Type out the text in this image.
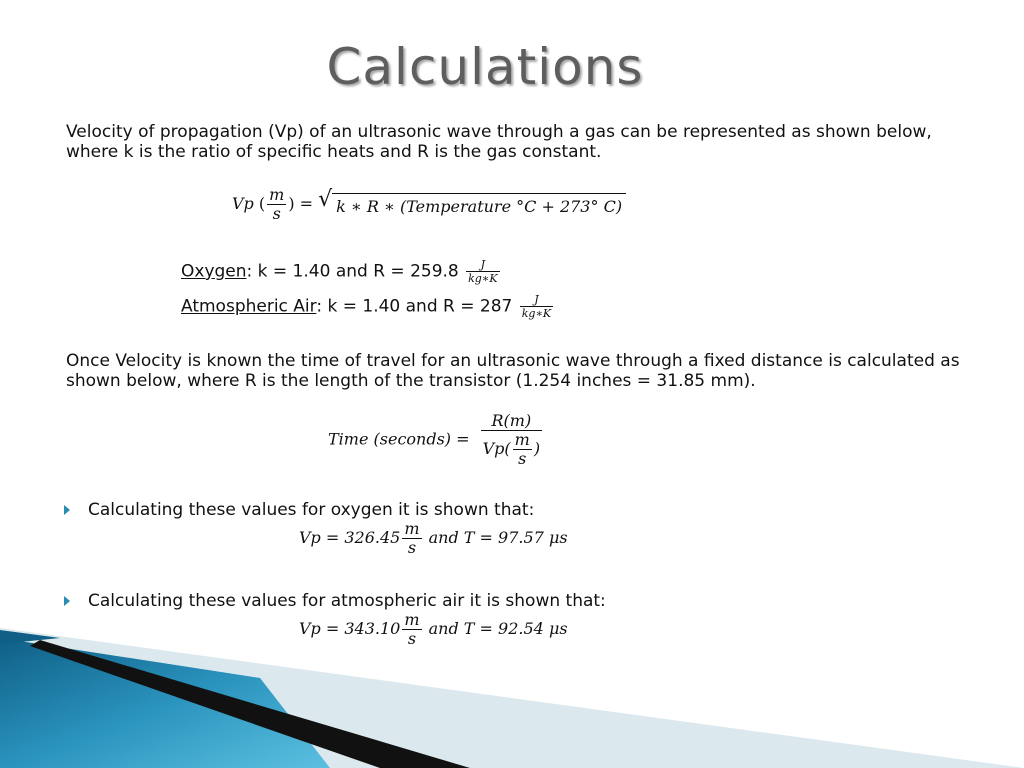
Calculations
Velocity of propagation (Vp) of an ultrasonic wave through a gas can be represented as shown below, where k is the ratio of specific heats and R is the gas constant.
Vp ( $\frac{m}{s}$ ) = √ k ∗ R ∗ (Temperature °C + 273° C)
Oxygen: k = 1.40 and $R = 259.8 \frac{J}{kg∗K}$
Atmospheric Air: k = 1.40 and $R = 287 \frac{J}{kg∗K}$
Once Velocity is known the time of travel for an ultrasonic wave through a fixed distance is calculated as shown below, where R is the length of the transistor (1.254 inches = 31.85 mm).
Time (seconds) = $\frac{R(m)}{Vp( \frac{m}{s} )}$
Calculating these values for oxygen it is shown that:
$Vp = 326.45 \frac{m}{s}$ and T = 97.57 μs
Calculating these values for atmospheric air it is shown that:
$Vp = 343.10 \frac{m}{s}$ and T = 92.54 μs
